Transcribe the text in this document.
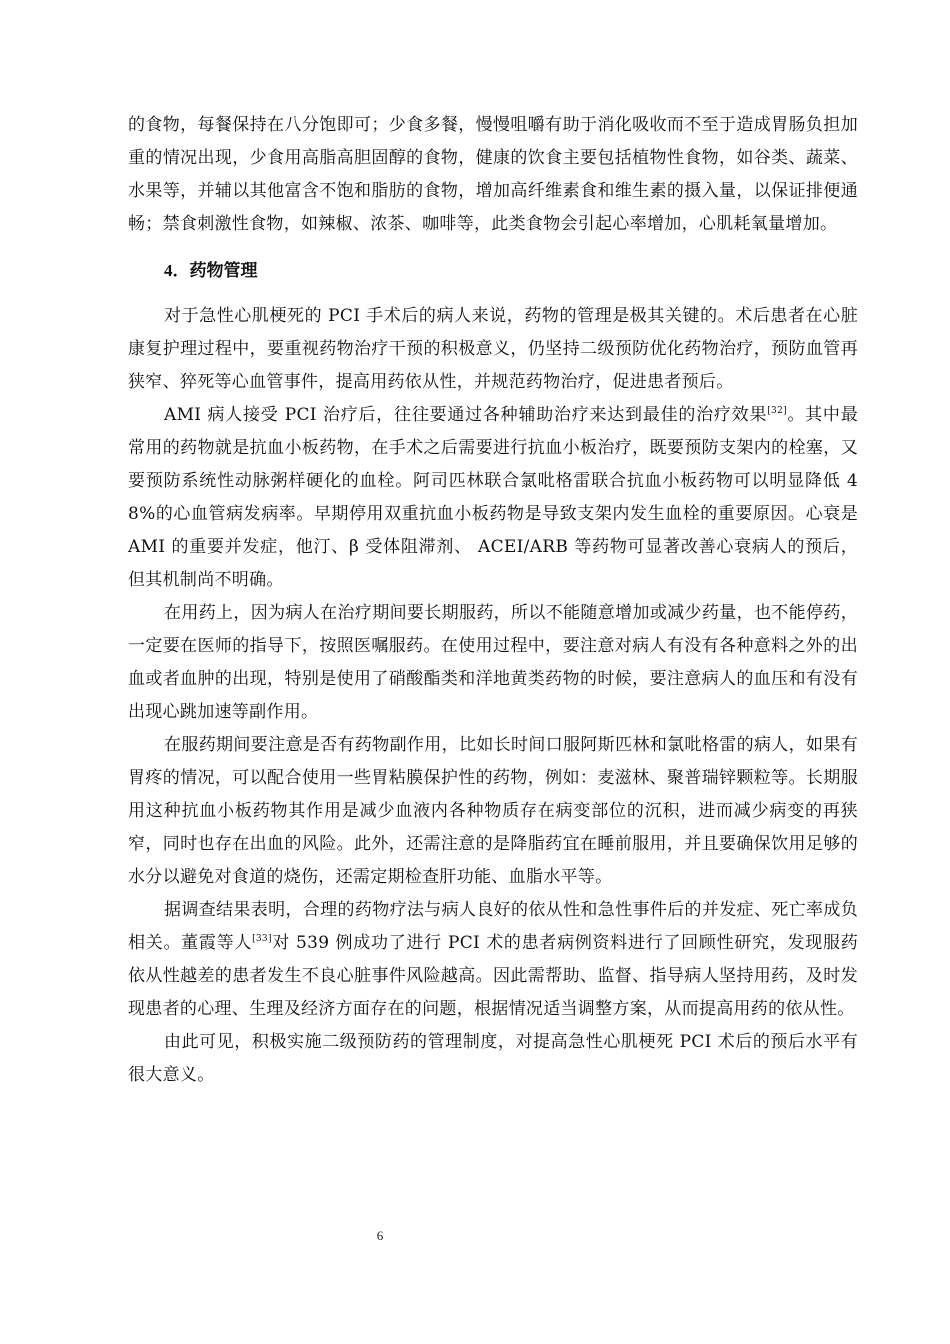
的食物，每餐保持在八分饱即可；少食多餐，慢慢咀嚼有助于消化吸收而不至于造成胃肠负担加重的情况出现，少食用高脂高胆固醇的食物，健康的饮食主要包括植物性食物，如谷类、蔬菜、水果等，并辅以其他富含不饱和脂肪的食物，增加高纤维素食和维生素的摄入量，以保证排便通畅；禁食刺激性食物，如辣椒、浓茶、咖啡等，此类食物会引起心率增加，心肌耗氧量增加。

4．药物管理

对于急性心肌梗死的 PCI 手术后的病人来说，药物的管理是极其关键的。术后患者在心脏康复护理过程中，要重视药物治疗干预的积极意义，仍坚持二级预防优化药物治疗，预防血管再狭窄、猝死等心血管事件，提高用药依从性，并规范药物治疗，促进患者预后。

AMI 病人接受 PCI 治疗后，往往要通过各种辅助治疗来达到最佳的治疗效果[32]。其中最常用的药物就是抗血小板药物，在手术之后需要进行抗血小板治疗，既要预防支架内的栓塞，又要预防系统性动脉粥样硬化的血栓。阿司匹林联合氯吡格雷联合抗血小板药物可以明显降低 48%的心血管病发病率。早期停用双重抗血小板药物是导致支架内发生血栓的重要原因。心衰是 AMI 的重要并发症，他汀、β 受体阻滞剂、 ACEI/ARB 等药物可显著改善心衰病人的预后，但其机制尚不明确。

在用药上，因为病人在治疗期间要长期服药，所以不能随意增加或减少药量，也不能停药，一定要在医师的指导下，按照医嘱服药。在使用过程中，要注意对病人有没有各种意料之外的出血或者血肿的出现，特别是使用了硝酸酯类和洋地黄类药物的时候，要注意病人的血压和有没有出现心跳加速等副作用。

在服药期间要注意是否有药物副作用，比如长时间口服阿斯匹林和氯吡格雷的病人，如果有胃疼的情况，可以配合使用一些胃粘膜保护性的药物，例如：麦滋林、聚普瑞锌颗粒等。长期服用这种抗血小板药物其作用是减少血液内各种物质存在病变部位的沉积，进而减少病变的再狭窄，同时也存在出血的风险。此外，还需注意的是降脂药宜在睡前服用，并且要确保饮用足够的水分以避免对食道的烧伤，还需定期检查肝功能、血脂水平等。

据调查结果表明，合理的药物疗法与病人良好的依从性和急性事件后的并发症、死亡率成负相关。董霞等人[33]对 539 例成功了进行 PCI 术的患者病例资料进行了回顾性研究，发现服药依从性越差的患者发生不良心脏事件风险越高。因此需帮助、监督、指导病人坚持用药，及时发现患者的心理、生理及经济方面存在的问题，根据情况适当调整方案，从而提高用药的依从性。

由此可见，积极实施二级预防药的管理制度，对提高急性心肌梗死 PCI 术后的预后水平有很大意义。

6
